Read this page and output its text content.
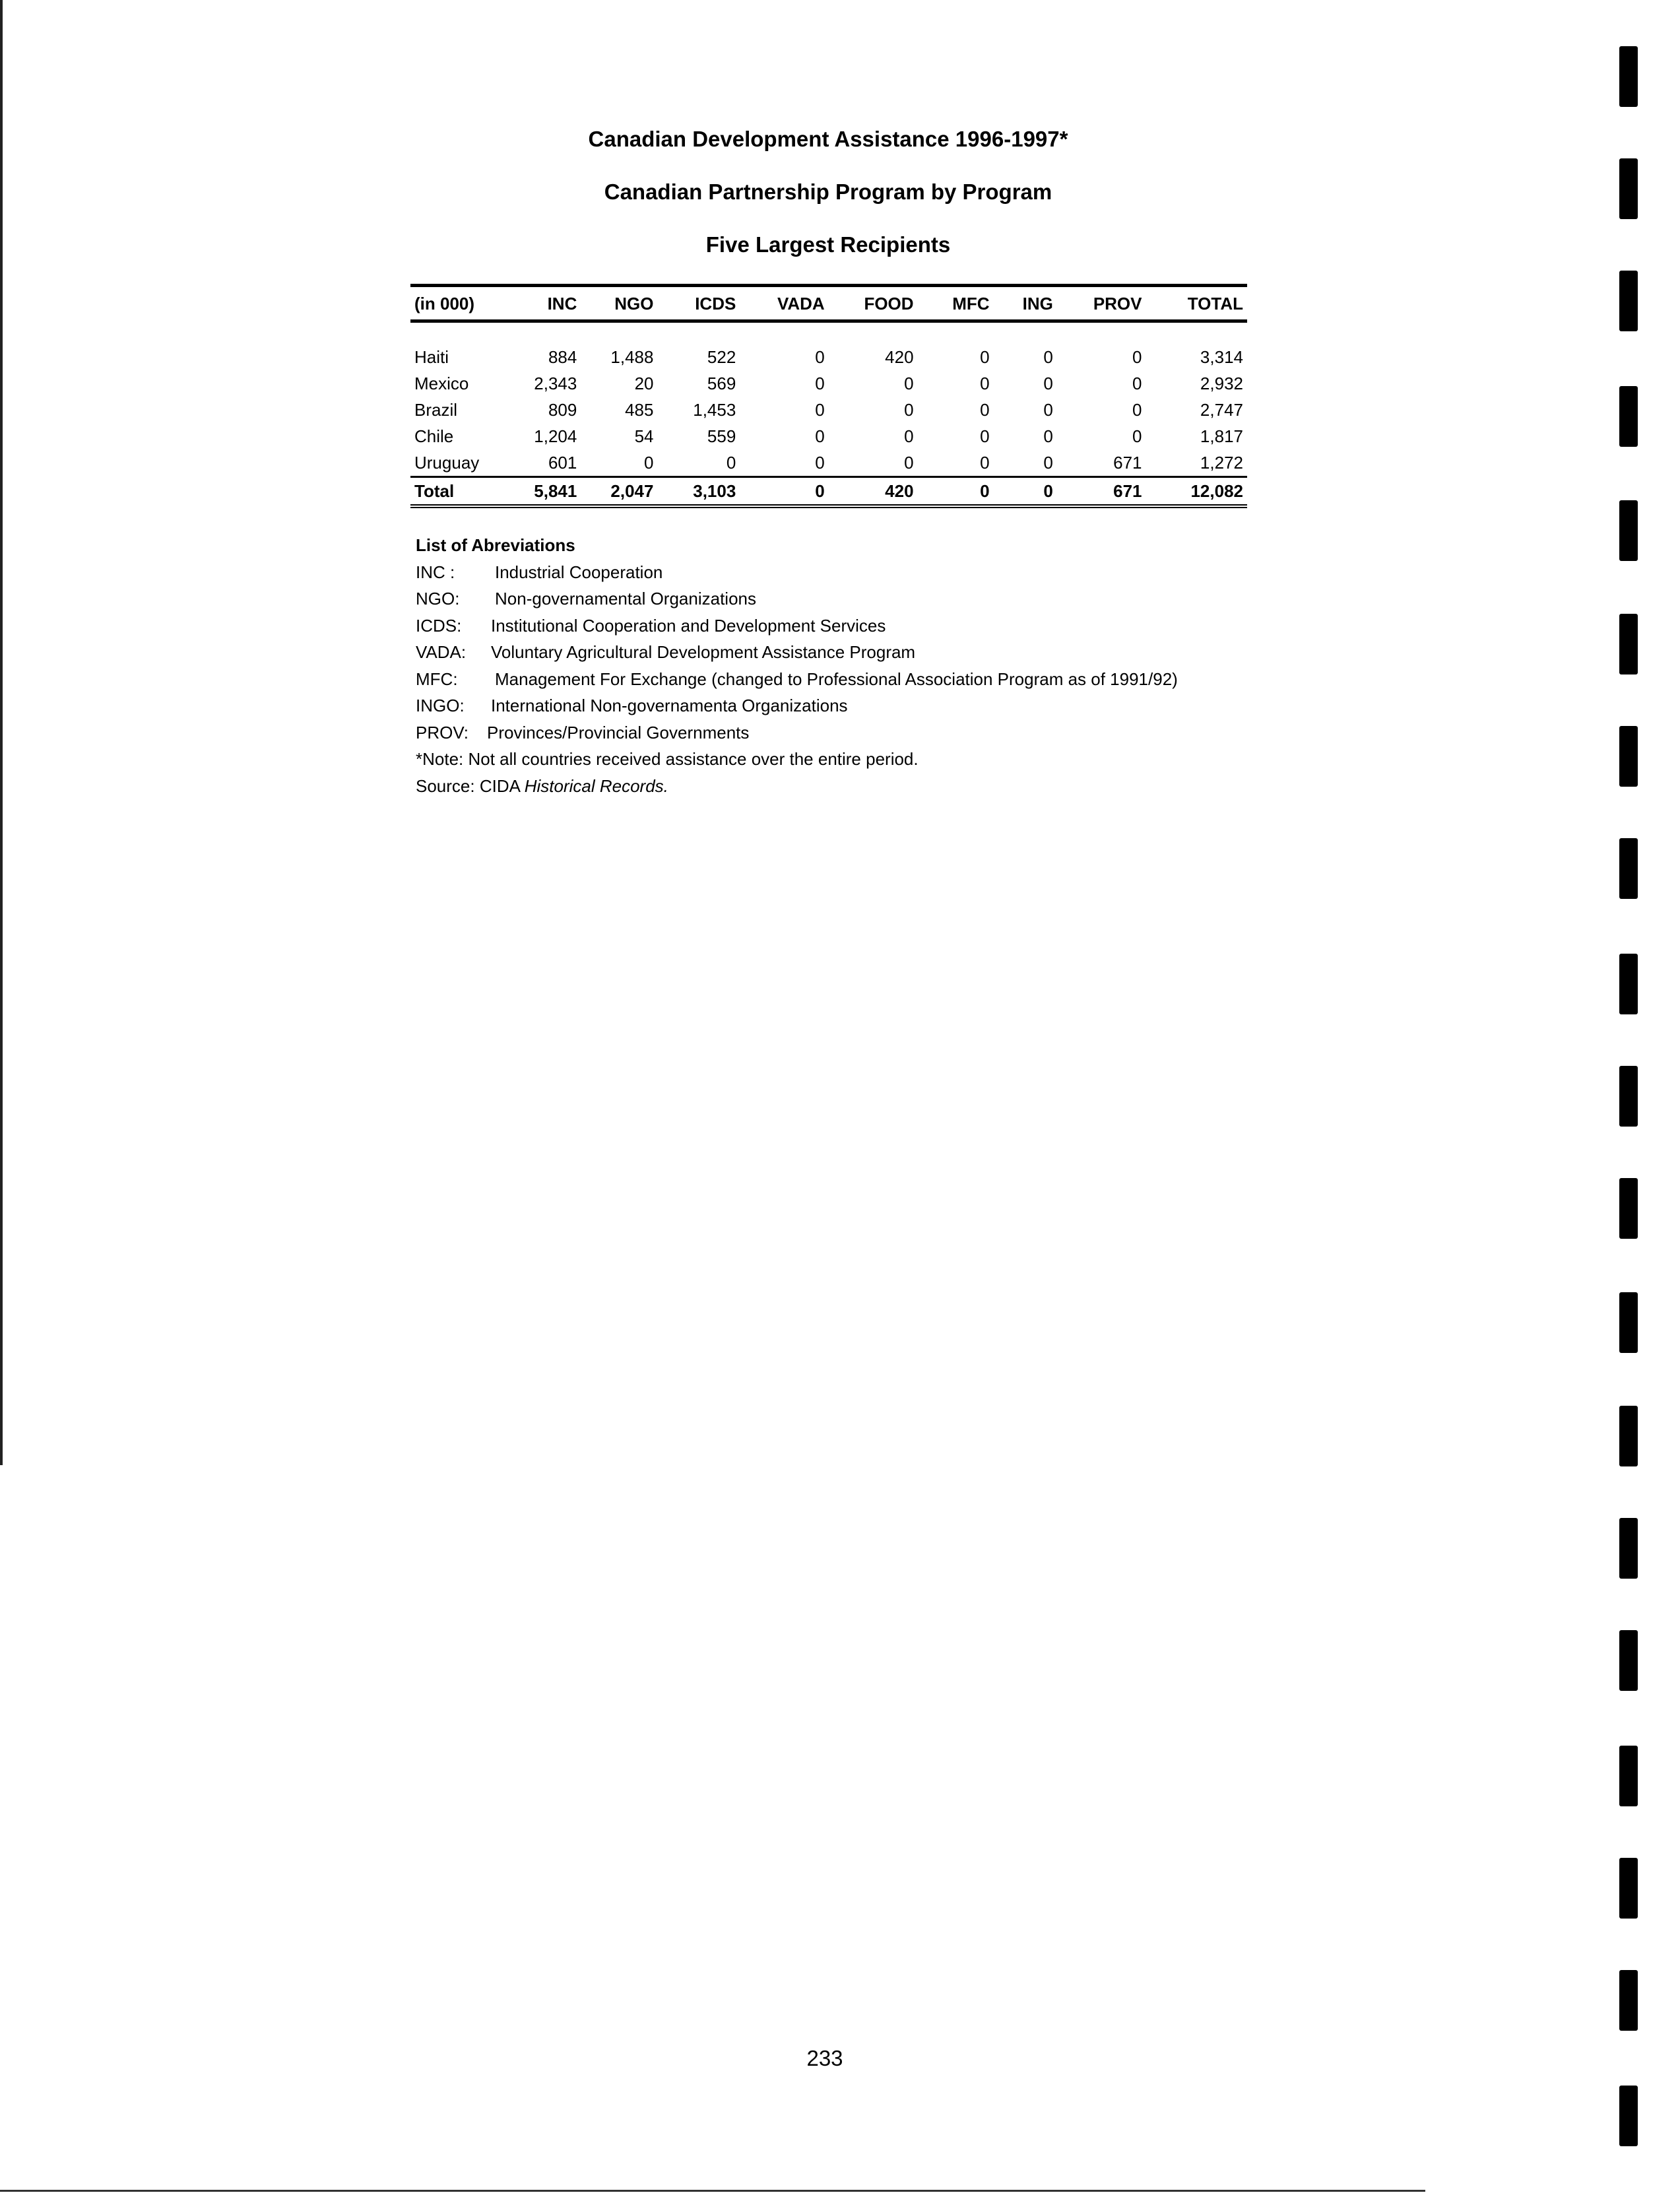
Canadian Development Assistance 1996-1997*
Canadian Partnership Program by Program
Five Largest Recipients
(in 000)	INC	NGO	ICDS	VADA	FOOD	MFC	ING	PROV	TOTAL

Haiti	884	1,488	522	0	420	0	0	0	3,314
Mexico	2,343	20	569	0	0	0	0	0	2,932
Brazil	809	485	1,453	0	0	0	0	0	2,747
Chile	1,204	54	559	0	0	0	0	0	1,817
Uruguay	601	0	0	0	0	0	0	671	1,272
Total	5,841	2,047	3,103	0	420	0	0	671	12,082
List of Abreviations
INC :	Industrial Cooperation
NGO:	Non-governamental Organizations
ICDS:	Institutional Cooperation and Development Services
VADA:	Voluntary Agricultural Development Assistance Program
MFC:	Management For Exchange (changed to Professional Association Program as of 1991/92)
INGO:	International Non-governamenta Organizations
PROV:	Provinces/Provincial Governments
*Note: Not all countries received assistance over the entire period.
Source: CIDA Historical Records.
233
